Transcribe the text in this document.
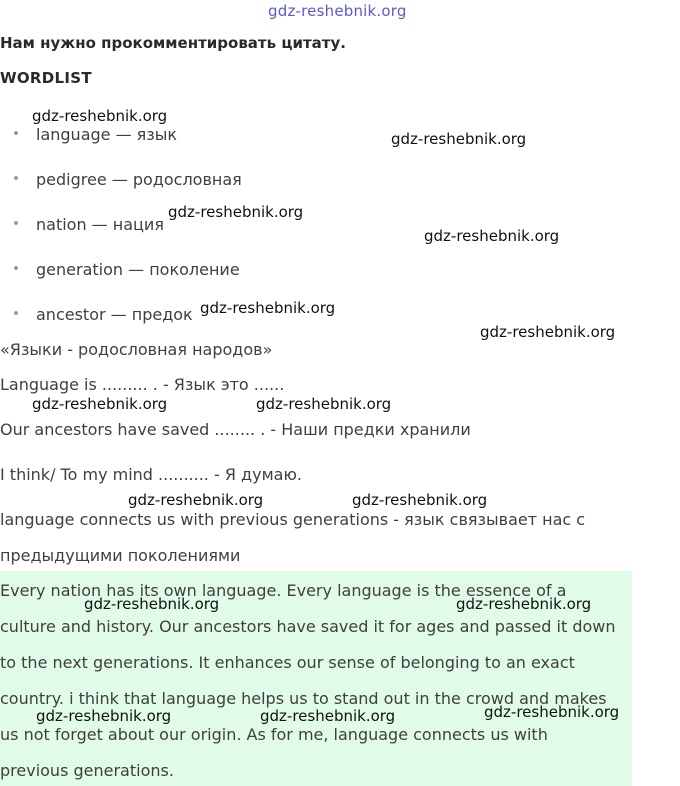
gdz-reshebnik.org
Нам нужно прокомментировать цитату.
WORDLIST
language — язык
pedigree — родословная
nation — нация
generation — поколение
ancestor — предок
«Языки - родословная народов»
Language is ......... . - Язык это ......
Our ancestors have saved ........ . - Наши предки хранили
I think/ To my mind .......... - Я думаю.
language connects us with previous generations - язык связывает нас с
предыдущими поколениями
Every nation has its own language. Every language is the essence of a
culture and history. Our ancestors have saved it for ages and passed it down
to the next generations. It enhances our sense of belonging to an exact
country. i think that language helps us to stand out in the crowd and makes
us not forget about our origin. As for me, language connects us with
previous generations.
gdz-reshebnik.org
gdz-reshebnik.org
gdz-reshebnik.org
gdz-reshebnik.org
gdz-reshebnik.org
gdz-reshebnik.org
gdz-reshebnik.org	gdz-reshebnik.org
gdz-reshebnik.org	gdz-reshebnik.org
gdz-reshebnik.org	gdz-reshebnik.org
gdz-reshebnik.org
gdz-reshebnik.org	gdz-reshebnik.org
